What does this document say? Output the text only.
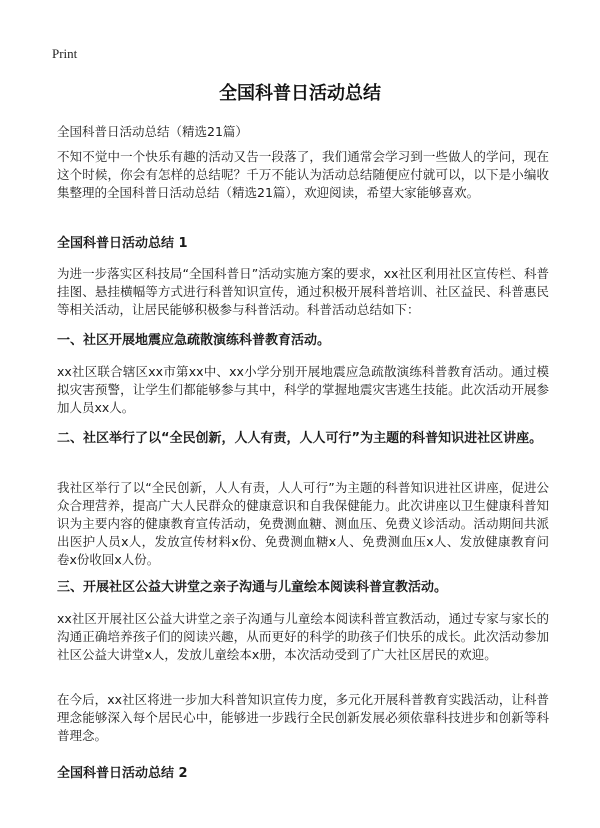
Print
全国科普日活动总结
全国科普日活动总结（精选21篇）

不知不觉中一个快乐有趣的活动又告一段落了，我们通常会学习到一些做人的学问，现在这个时候，你会有怎样的总结呢？千万不能认为活动总结随便应付就可以，以下是小编收集整理的全国科普日活动总结（精选21篇），欢迎阅读，希望大家能够喜欢。

全国科普日活动总结 1

为进一步落实区科技局“全国科普日”活动实施方案的要求，xx社区利用社区宣传栏、科普挂图、悬挂横幅等方式进行科普知识宣传，通过积极开展科普培训、社区益民、科普惠民等相关活动，让居民能够积极参与科普活动。科普活动总结如下：

一、社区开展地震应急疏散演练科普教育活动。

xx社区联合辖区xx市第xx中、xx小学分别开展地震应急疏散演练科普教育活动。通过模拟灾害预警，让学生们都能够参与其中，科学的掌握地震灾害逃生技能。此次活动开展参加人员xx人。

二、社区举行了以“全民创新，人人有责，人人可行”为主题的科普知识进社区讲座。

我社区举行了以“全民创新，人人有责，人人可行”为主题的科普知识进社区讲座，促进公众合理营养，提高广大人民群众的健康意识和自我保健能力。此次讲座以卫生健康科普知识为主要内容的健康教育宣传活动，免费测血糖、测血压、免费义诊活动。活动期间共派出医护人员x人，发放宣传材料x份、免费测血糖x人、免费测血压x人、发放健康教育问卷x份收回x人份。

三、开展社区公益大讲堂之亲子沟通与儿童绘本阅读科普宣教活动。

xx社区开展社区公益大讲堂之亲子沟通与儿童绘本阅读科普宣教活动，通过专家与家长的沟通正确培养孩子们的阅读兴趣，从而更好的科学的助孩子们快乐的成长。此次活动参加社区公益大讲堂x人，发放儿童绘本x册，本次活动受到了广大社区居民的欢迎。

在今后，xx社区将进一步加大科普知识宣传力度，多元化开展科普教育实践活动，让科普理念能够深入每个居民心中，能够进一步践行全民创新发展必须依靠科技进步和创新等科普理念。

全国科普日活动总结 2
